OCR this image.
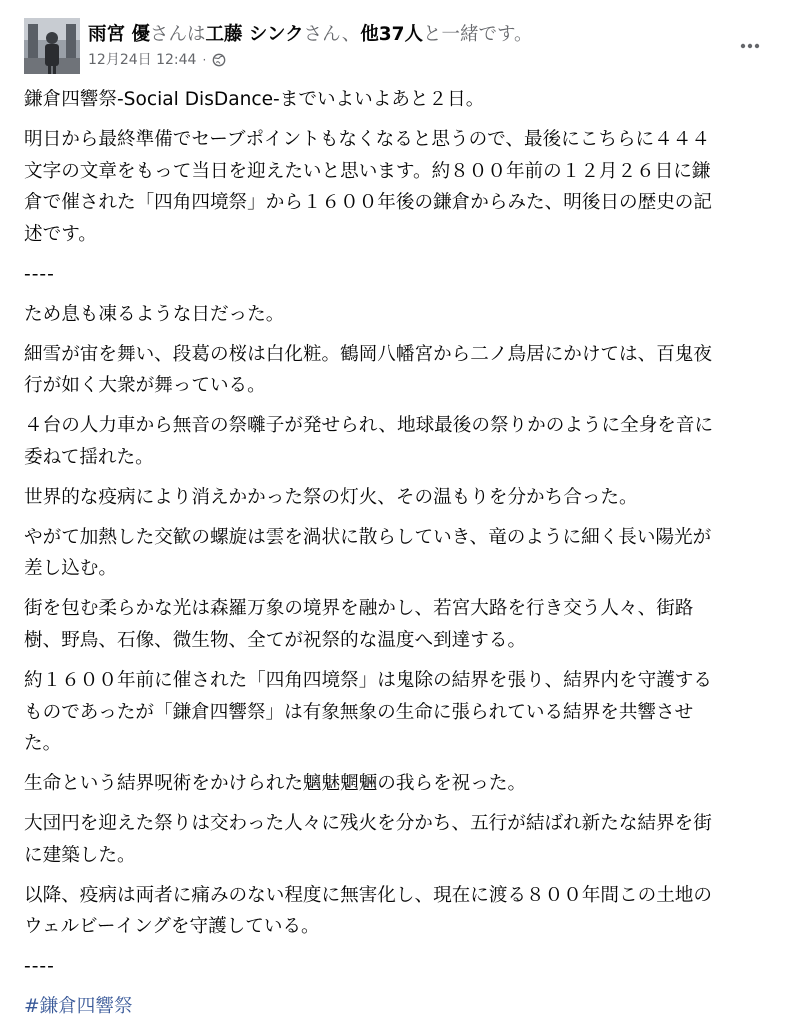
雨宮 優さんは工藤 シンクさん、他37人と一緒です。
12月24日 12:44 ·

鎌倉四響祭-Social DisDance-までいよいよあと２日。

明日から最終準備でセーブポイントもなくなると思うので、最後にこちらに４４４
文字の文章をもって当日を迎えたいと思います。約８００年前の１２月２６日に鎌
倉で催された「四角四境祭」から１６００年後の鎌倉からみた、明後日の歴史の記
述です。

----

ため息も凍るような日だった。

細雪が宙を舞い、段葛の桜は白化粧。鶴岡八幡宮から二ノ鳥居にかけては、百鬼夜
行が如く大衆が舞っている。

４台の人力車から無音の祭囃子が発せられ、地球最後の祭りかのように全身を音に
委ねて揺れた。

世界的な疫病により消えかかった祭の灯火、その温もりを分かち合った。

やがて加熱した交歓の螺旋は雲を渦状に散らしていき、竜のように細く長い陽光が
差し込む。

街を包む柔らかな光は森羅万象の境界を融かし、若宮大路を行き交う人々、街路
樹、野鳥、石像、微生物、全てが祝祭的な温度へ到達する。

約１６００年前に催された「四角四境祭」は鬼除の結界を張り、結界内を守護する
ものであったが「鎌倉四響祭」は有象無象の生命に張られている結界を共響させ
た。

生命という結界呪術をかけられた魑魅魍魎の我らを祝った。

大団円を迎えた祭りは交わった人々に残火を分かち、五行が結ばれ新たな結界を街
に建築した。

以降、疫病は両者に痛みのない程度に無害化し、現在に渡る８００年間この土地の
ウェルビーイングを守護している。

----

#鎌倉四響祭
